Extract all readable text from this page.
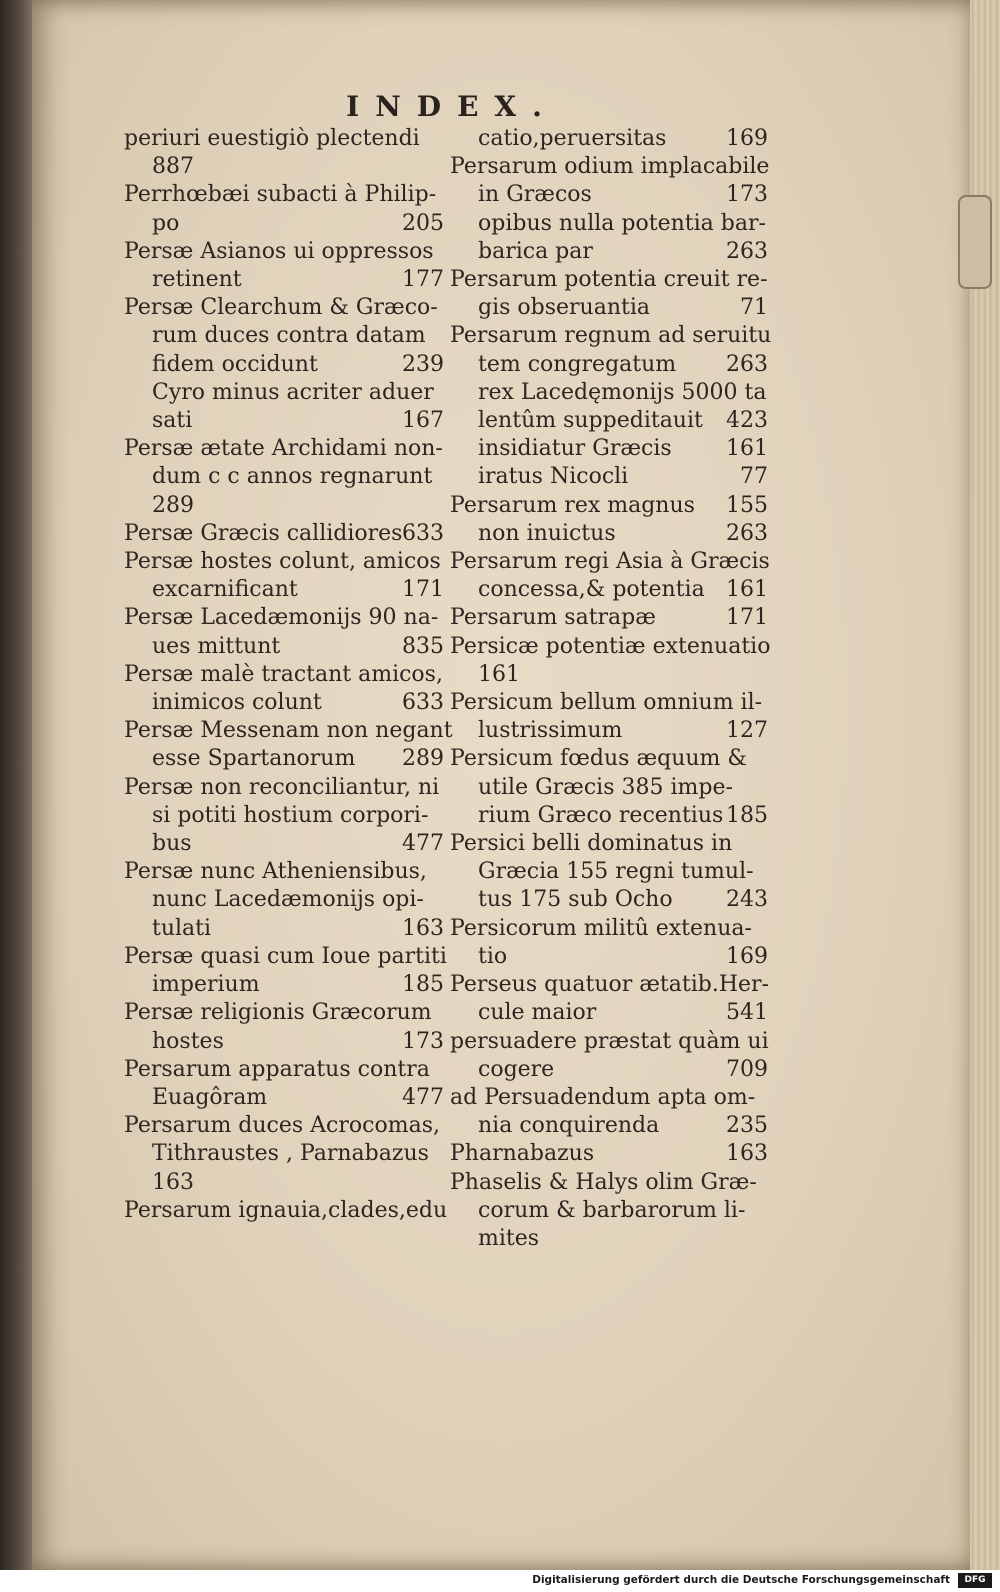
INDEX.
periuri euestigiò plectendi
887
Perrhœbæi subacti à Philip-
po	205
Persæ Asianos ui oppressos
retinent	177
Persæ Clearchum & Græco-
rum duces contra datam
fidem occidunt	239
Cyro minus acriter aduer
sati	167
Persæ ætate Archidami non-
dum c c annos regnarunt
289
Persæ Græcis callidiores 633
Persæ hostes colunt, amicos
excarnificant	171
Persæ Lacedæmonijs 90 na-
ues mittunt	835
Persæ malè tractant amicos,
inimicos colunt	633
Persæ Messenam non negant
esse Spartanorum	289
Persæ non reconciliantur, ni
si potiti hostium corpori-
bus	477
Persæ nunc Atheniensibus,
nunc Lacedæmonijs opi-
tulati	163
Persæ quasi cum Ioue partiti
imperium	185
Persæ religionis Græcorum
hostes	173
Persarum apparatus contra
Euagôram	477
Persarum duces Acrocomas,
Tithraustes , Parnabazus
163
Persarum ignauia,clades,edu
catio,peruersitas	169
Persarum odium implacabile
in Græcos	173
opibus nulla potentia bar-
barica par	263
Persarum potentia creuit re-
gis obseruantia	71
Persarum regnum ad seruitu
tem congregatum	263
rex Lacedęmonijs 5000 ta
lentûm suppeditauit	423
insidiatur Græcis	161
iratus Nicocli	77
Persarum rex magnus	155
non inuictus	263
Persarum regi Asia à Græcis
concessa,& potentia 161
Persarum satrapæ	171
Persicæ potentiæ extenuatio
161
Persicum bellum omnium il-
lustrissimum	127
Persicum fœdus æquum &
utile Græcis 385 impe-
rium Græco recentius 185
Persici belli dominatus in
Græcia 155 regni tumul-
tus 175 sub Ocho	243
Persicorum militû extenua-
tio	169
Perseus quatuor ætatib.Her-
cule maior	541
persuadere præstat quàm ui
cogere	709
ad Persuadendum apta om-
nia conquirenda	235
Pharnabazus	163
Phaselis & Halys olim Græ-
corum & barbarorum li-
mites
Digitalisierung gefördert durch die Deutsche Forschungsgemeinschaft	DFG
